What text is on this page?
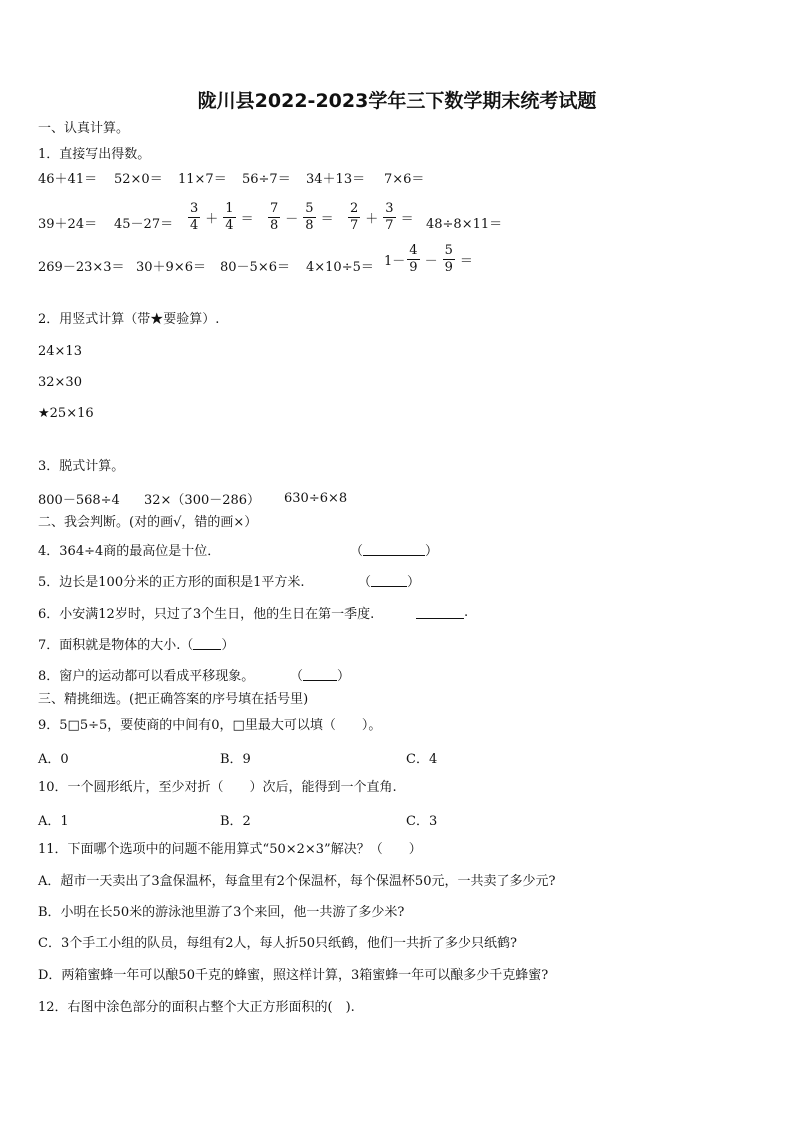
陇川县2022-2023学年三下数学期末统考试题
一、认真计算。
1．直接写出得数。
46＋41＝ 52×0＝ 11×7＝ 56÷7＝ 34＋13＝ 7×6＝
$39+24= 45-27= \frac{3}{4} + \frac{1}{4} = \frac{7}{8} - \frac{5}{8} = \frac{2}{7} + \frac{3}{7} = 48\div 8\times 11=$
$269-23\times 3= 30+9\times 6= 80-5\times 6= 4\times 10\div 5= 1- \frac{4}{9} - \frac{5}{9}$ ＝
2．用竖式计算（带★要验算）.
24×13
32×30
★25×16
3．脱式计算。
800－568÷4 32×（300－286） 630÷6×8
二、我会判断。(对的画√，错的画×）
4．364÷4商的最高位是十位．	（	）
5．边长是100分米的正方形的面积是1平方米.	（	）
6．小安满12岁时，只过了3个生日，他的生日在第一季度.	.
7．面积就是物体的大小.（ ）
8．窗户的运动都可以看成平移现象。	（	）
三、精挑细选。(把正确答案的序号填在括号里)
9．5□5÷5，要使商的中间有0，□里最大可以填（　　）。
A．0	B．9	C．4
10．一个圆形纸片，至少对折（　　）次后，能得到一个直角.
A．1	B．2	C．3
11．下面哪个选项中的问题不能用算式“50×2×3”解决？（　　）
A．超市一天卖出了3盒保温杯，每盒里有2个保温杯，每个保温杯50元，一共卖了多少元?
B．小明在长50米的游泳池里游了3个来回，他一共游了多少米?
C．3个手工小组的队员，每组有2人，每人折50只纸鹤，他们一共折了多少只纸鹤?
D．两箱蜜蜂一年可以酿50千克的蜂蜜，照这样计算，3箱蜜蜂一年可以酿多少千克蜂蜜?
12．右图中涂色部分的面积占整个大正方形面积的(　).
